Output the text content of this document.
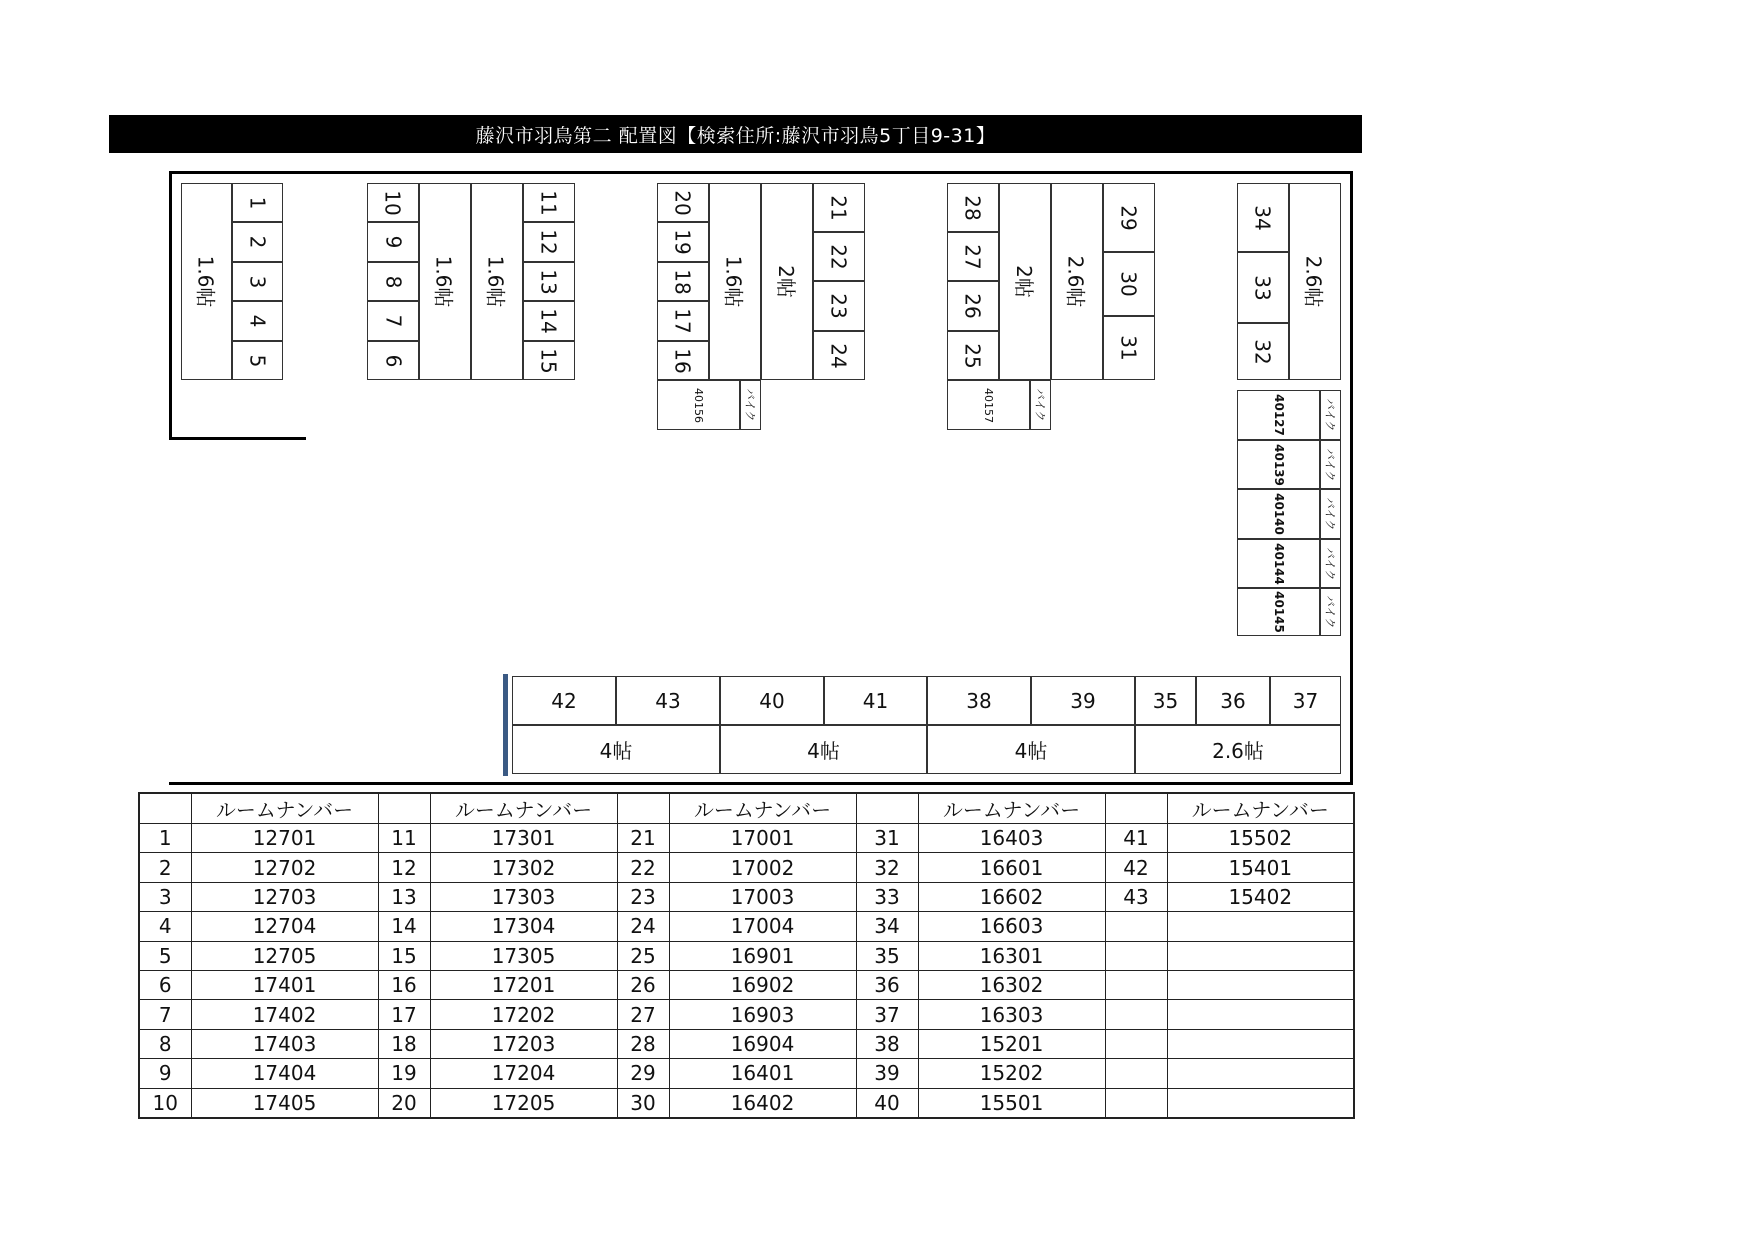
藤沢市羽鳥第二 配置図【検索住所:藤沢市羽鳥5丁目9-31】
1.6帖
1
2
3
4
5
10
9
8
7
6
1.6帖 1.6帖
11
12
13
14
15
20
19
18
17
16
1.6帖 2帖
21
22
23
24
40156	バイク
28
27
26
25
2帖 2.6帖
29
30
31
40157	バイク
34
33
32
2.6帖
40127	バイク
40139	バイク
40140	バイク
40144	バイク
40145	バイク
42	43	40	41	38	39	35 36 37
4帖	4帖	4帖	2.6帖
	ルームナンバー		ルームナンバー		ルームナンバー		ルームナンバー		ルームナンバー
1	12701	11	17301	21	17001	31	16403	41	15502
2	12702	12	17302	22	17002	32	16601	42	15401
3	12703	13	17303	23	17003	33	16602	43	15402
4	12704	14	17304	24	17004	34	16603		
5	12705	15	17305	25	16901	35	16301		
6	17401	16	17201	26	16902	36	16302		
7	17402	17	17202	27	16903	37	16303		
8	17403	18	17203	28	16904	38	15201		
9	17404	19	17204	29	16401	39	15202		
10	17405	20	17205	30	16402	40	15501		
